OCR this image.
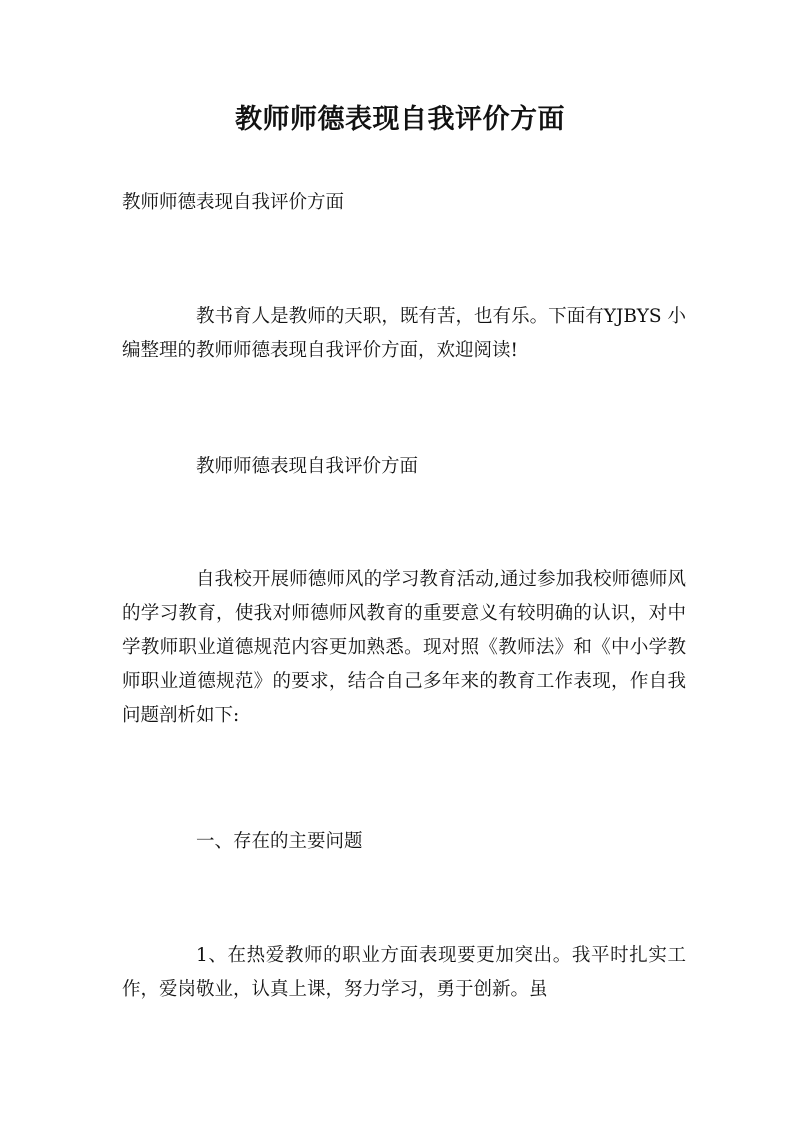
教师师德表现自我评价方面

教师师德表现自我评价方面

教书育人是教师的天职，既有苦，也有乐。下面有YJBYS 小编整理的教师师德表现自我评价方面，欢迎阅读!

教师师德表现自我评价方面

自我校开展师德师风的学习教育活动,通过参加我校师德师风的学习教育，使我对师德师风教育的重要意义有较明确的认识，对中学教师职业道德规范内容更加熟悉。现对照《教师法》和《中小学教师职业道德规范》的要求，结合自己多年来的教育工作表现，作自我问题剖析如下:

一、存在的主要问题

1、在热爱教师的职业方面表现要更加突出。我平时扎实工作，爱岗敬业，认真上课，努力学习，勇于创新。虽
